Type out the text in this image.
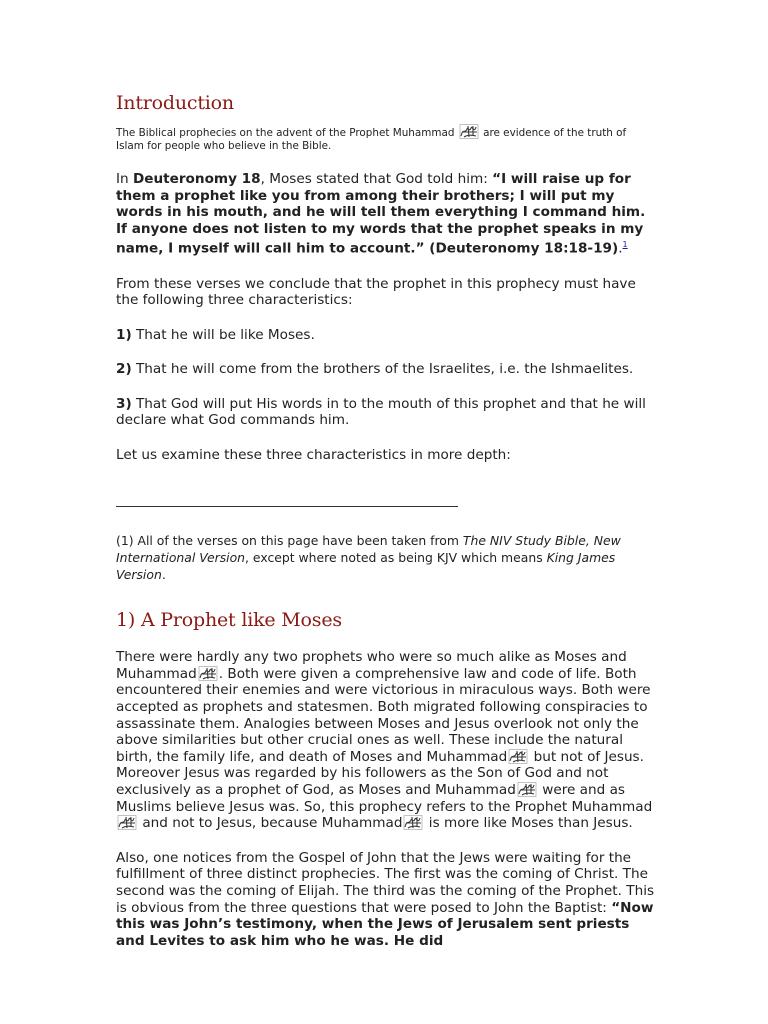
Introduction
The Biblical prophecies on the advent of the Prophet Muhammad	are evidence of the truth of Islam for people who believe in the Bible.

In Deuteronomy 18, Moses stated that God told him: “I will raise up for them a prophet like you from among their brothers; I will put my words in his mouth, and he will tell them everything I command him. If anyone does not listen to my words that the prophet speaks in my name, I myself will call him to account.” (Deuteronomy 18:18-19).$^1$

From these verses we conclude that the prophet in this prophecy must have the following three characteristics:

1) That he will be like Moses.

2) That he will come from the brothers of the Israelites, i.e. the Ishmaelites.

3) That God will put His words in to the mouth of this prophet and that he will declare what God commands him.

Let us examine these three characteristics in more depth:

(1) All of the verses on this page have been taken from The NIV Study Bible, New International Version, except where noted as being KJV which means King James Version.

1) A Prophet like Moses

There were hardly any two prophets who were so much alike as Moses and Muhammad . Both were given a comprehensive law and code of life. Both encountered their enemies and were victorious in miraculous ways. Both were accepted as prophets and statesmen. Both migrated following conspiracies to assassinate them. Analogies between Moses and Jesus overlook not only the above similarities but other crucial ones as well. These include the natural birth, the family life, and death of Moses and Muhammad
but not of Jesus. Moreover Jesus was regarded by his followers as the Son of God and not exclusively as a prophet of God, as Moses and Muhammad
were and as Muslims believe Jesus was. So, this prophecy refers to the Prophet Muhammad
and not to Jesus, because Muhammad
is more like Moses than Jesus.

Also, one notices from the Gospel of John that the Jews were waiting for the fulfillment of three distinct prophecies. The first was the coming of Christ. The second was the coming of Elijah. The third was the coming of the Prophet. This is obvious from the three questions that were posed to John the Baptist: “Now this was John’s testimony, when the Jews of Jerusalem sent priests and Levites to ask him who he was. He did
